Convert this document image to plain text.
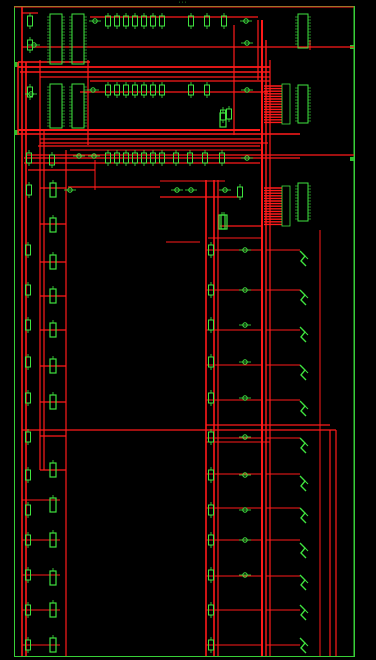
···
